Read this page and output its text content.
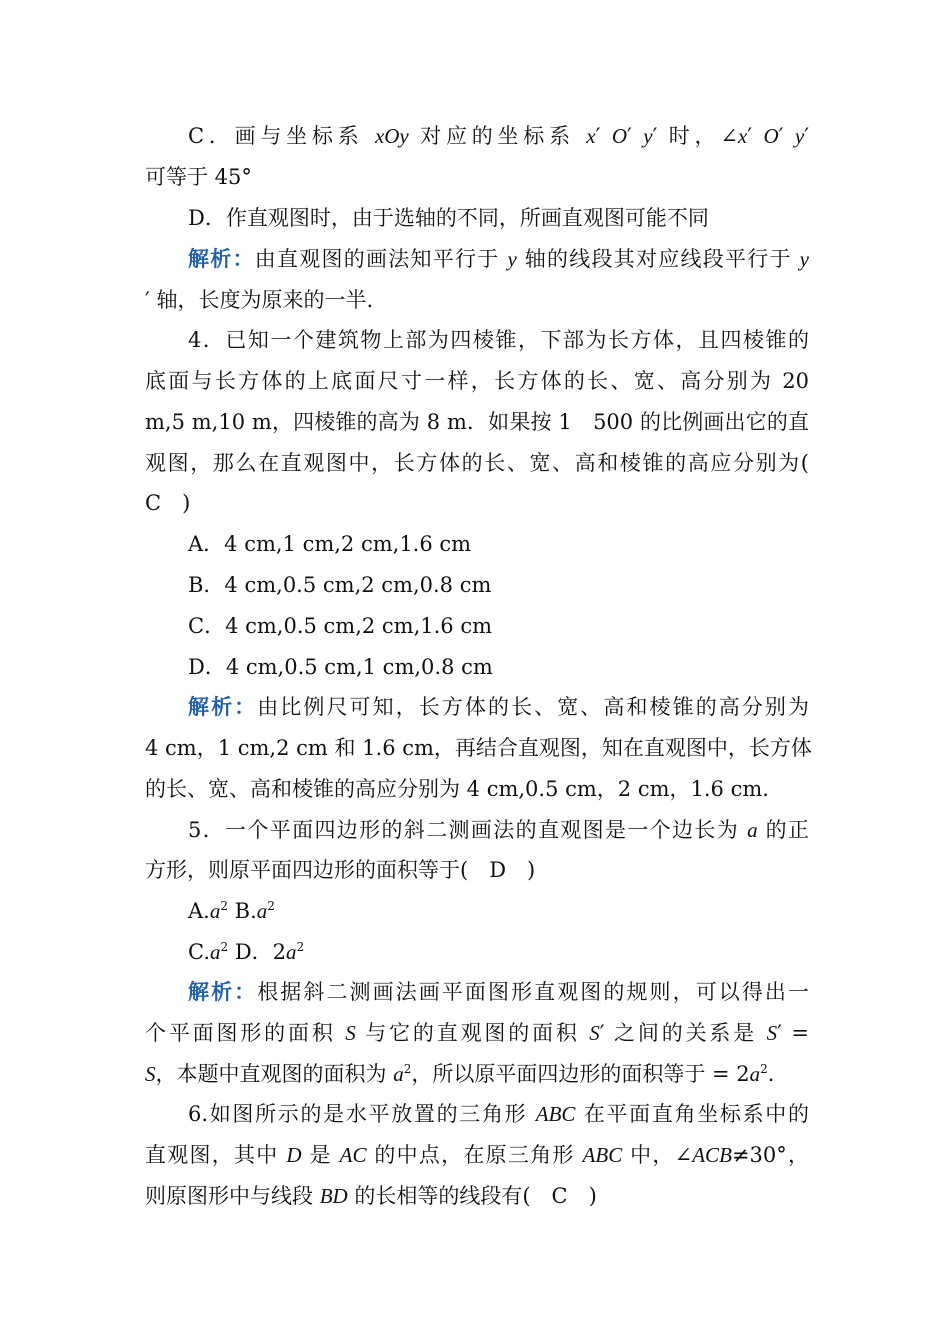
C．画与坐标系 xOy 对应的坐标系 x′ O′ y′ 时，∠x′ O′ y′
可等于 45°
D．作直观图时，由于选轴的不同，所画直观图可能不同
解析：由直观图的画法知平行于 y 轴的线段其对应线段平行于 y
′ 轴，长度为原来的一半.
4．已知一个建筑物上部为四棱锥，下部为长方体，且四棱锥的
底面与长方体的上底面尺寸一样，长方体的长、宽、高分别为 20
m,5 m,10 m，四棱锥的高为 8 m．如果按 1　500 的比例画出它的直
观图，那么在直观图中，长方体的长、宽、高和棱锥的高应分别为(
C　)
A．4 cm,1 cm,2 cm,1.6 cm
B．4 cm,0.5 cm,2 cm,0.8 cm
C．4 cm,0.5 cm,2 cm,1.6 cm
D．4 cm,0.5 cm,1 cm,0.8 cm
解析：由比例尺可知，长方体的长、宽、高和棱锥的高分别为
4 cm，1 cm,2 cm 和 1.6 cm，再结合直观图，知在直观图中，长方体
的长、宽、高和棱锥的高应分别为 4 cm,0.5 cm，2 cm，1.6 cm.
5．一个平面四边形的斜二测画法的直观图是一个边长为 a 的正
方形，则原平面四边形的面积等于(　D　)
$A.a^2$ $B.a^2$
$C.a^2$ D．$2a^2$
解析：根据斜二测画法画平面图形直观图的规则，可以得出一
个平面图形的面积 S 与它的直观图的面积 S′ 之间的关系是 S′ =
S，本题中直观图的面积为 $a^2$，所以原平面四边形的面积等于 = $2a^2$.
6.如图所示的是水平放置的三角形 ABC 在平面直角坐标系中的
直观图，其中 D 是 AC 的中点，在原三角形 ABC 中，∠ACB≠30°，
则原图形中与线段 BD 的长相等的线段有(　C　)
